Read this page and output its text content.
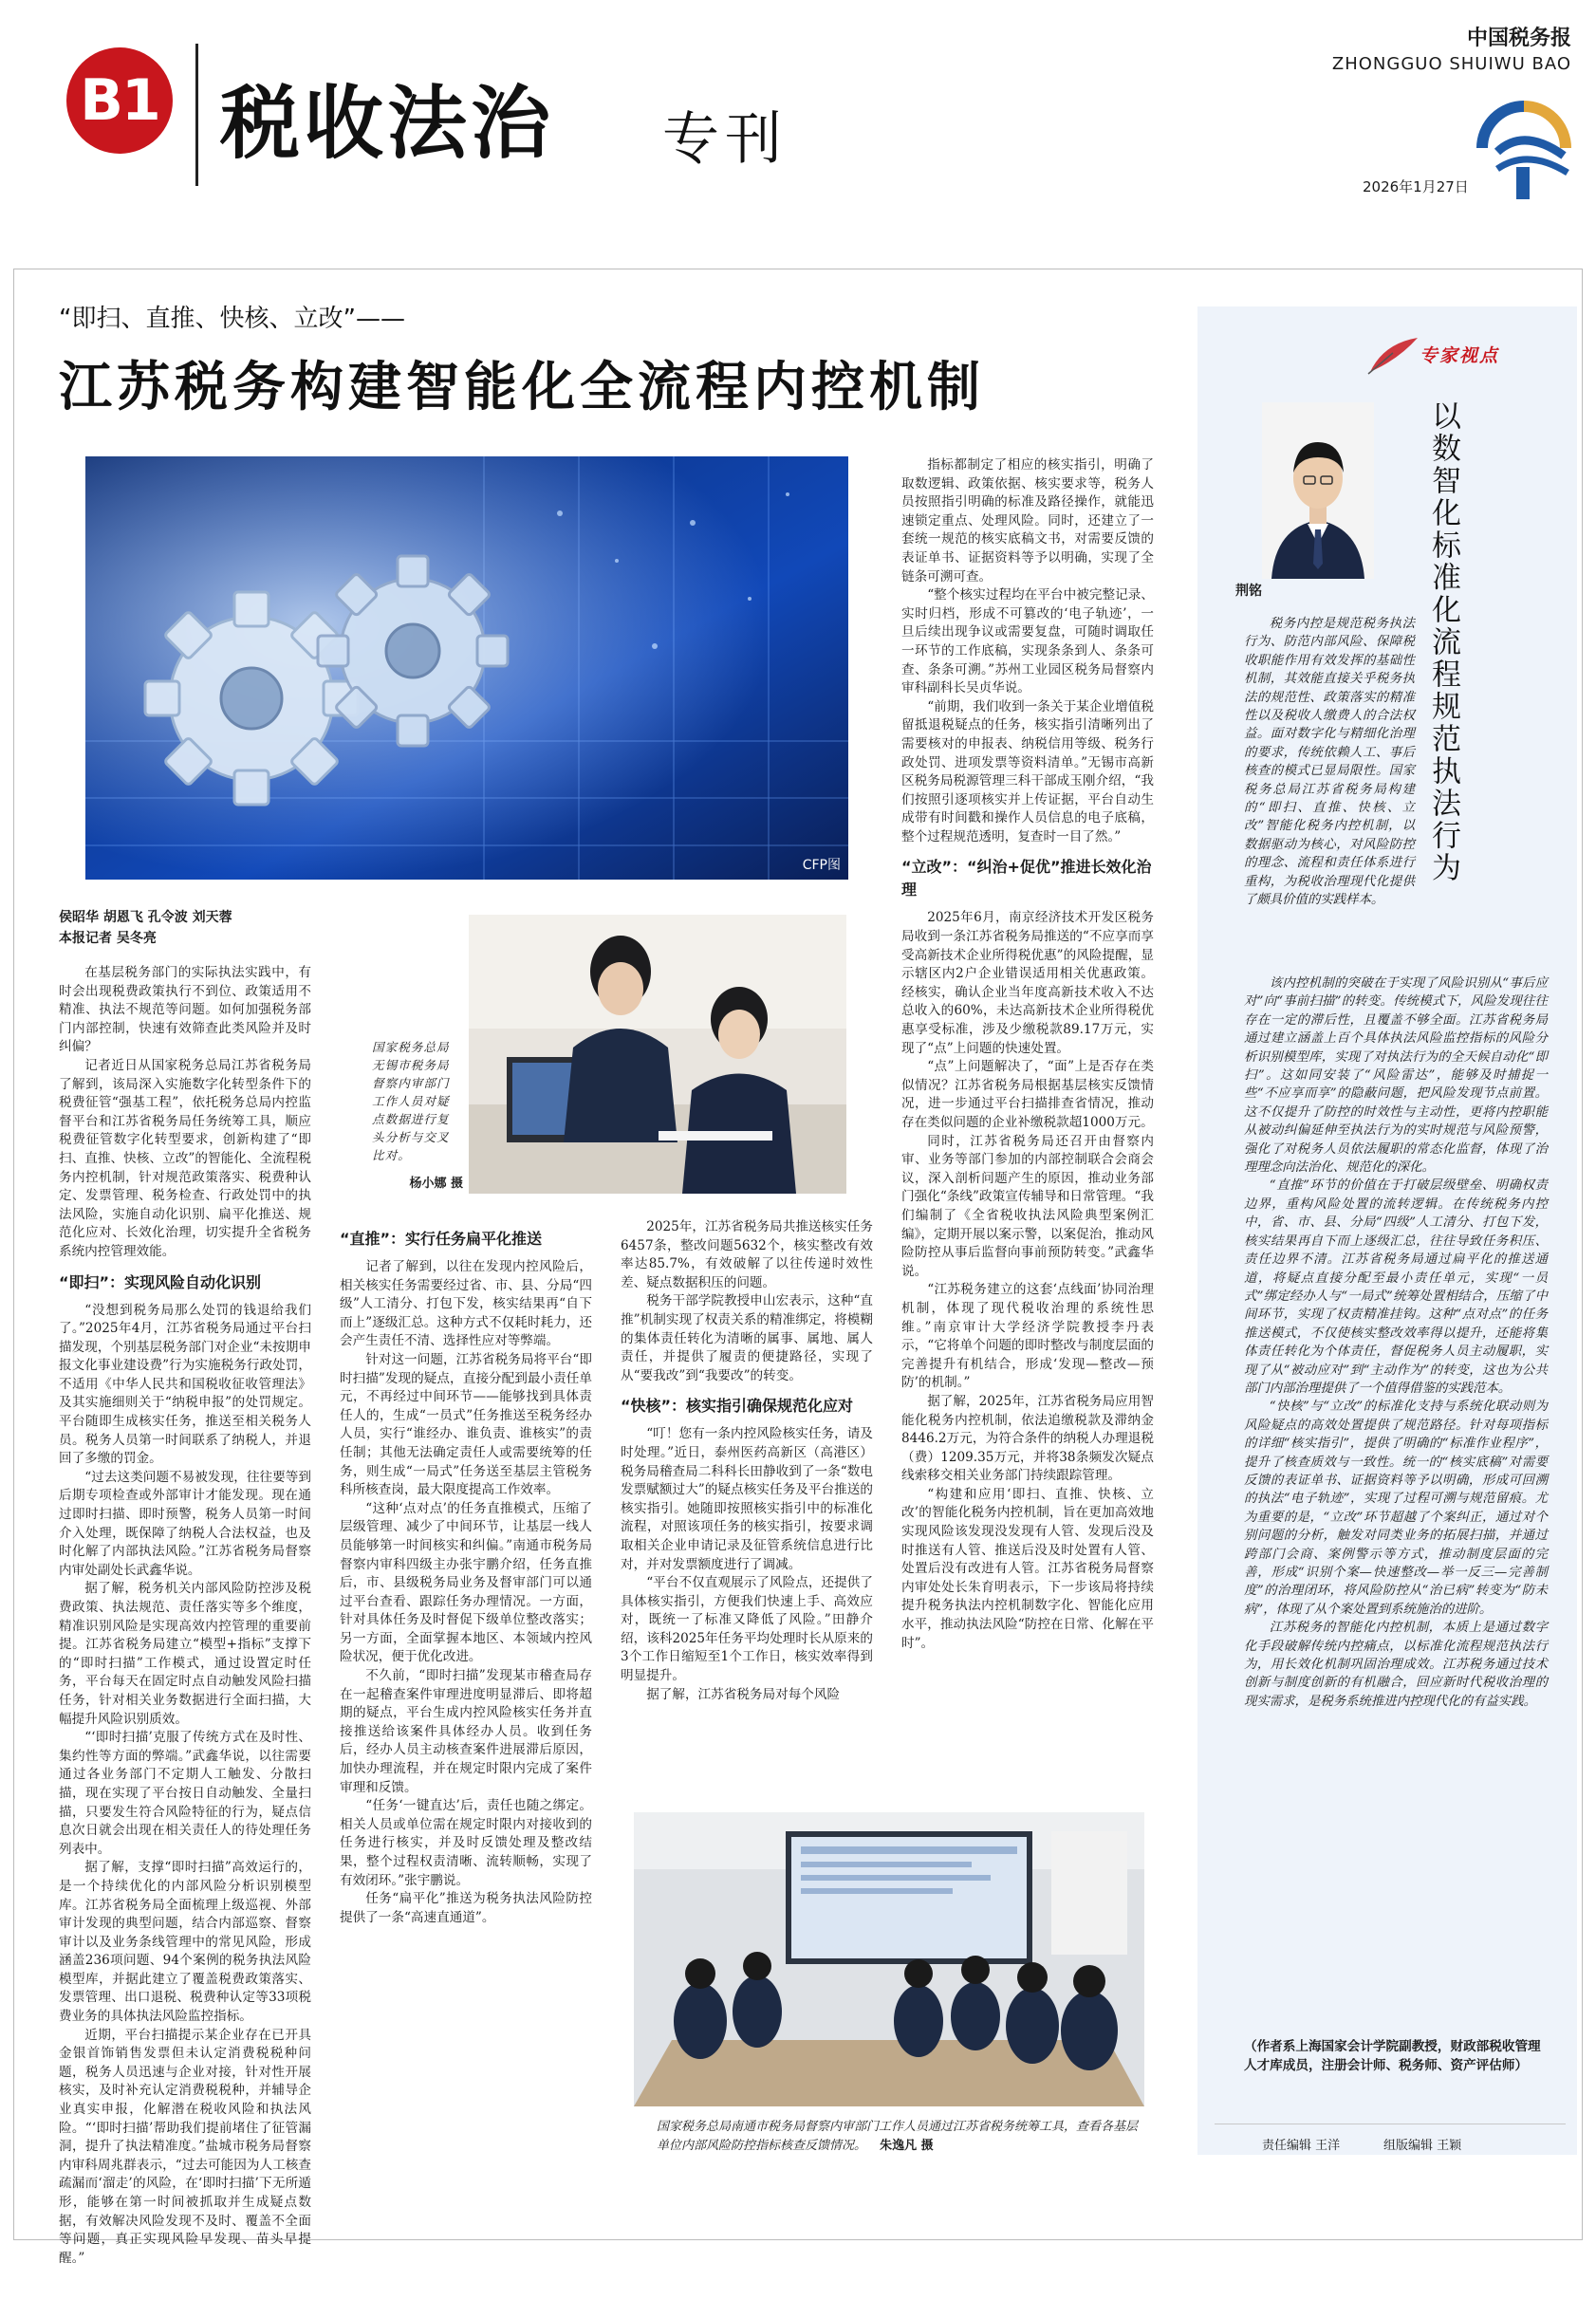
B1 税收法治 专刊
中国税务报
ZHONGGUO SHUIWU BAO
2026年1月27日
“即扫、直推、快核、立改”——
江苏税务构建智能化全流程内控机制
CFP图
侯昭华 胡恩飞 孔令波 刘天蓉
本报记者 吴冬亮
国家税务总局无锡市税务局督察内审部门工作人员对疑点数据进行复头分析与交叉比对。
杨小娜 摄
在基层税务部门的实际执法实践中，有时会出现税费政策执行不到位、政策适用不精准、执法不规范等问题。如何加强税务部门内部控制，快速有效筛查此类风险并及时纠偏？
记者近日从国家税务总局江苏省税务局了解到，该局深入实施数字化转型条件下的税费征管“强基工程”，依托税务总局内控监督平台和江苏省税务局任务统筹工具，顺应税费征管数字化转型要求，创新构建了“即扫、直推、快核、立改”的智能化、全流程税务内控机制，针对规范政策落实、税费种认定、发票管理、税务检查、行政处罚中的执法风险，实施自动化识别、扁平化推送、规范化应对、长效化治理，切实提升全省税务系统内控管理效能。
“即扫”：实现风险自动化识别
“没想到税务局那么处罚的钱退给我们了。”2025年4月，江苏省税务局通过平台扫描发现，个别基层税务部门对企业“未按期申报文化事业建设费”行为实施税务行政处罚，不适用《中华人民共和国税收征收管理法》及其实施细则关于“纳税申报”的处罚规定。平台随即生成核实任务，推送至相关税务人员。税务人员第一时间联系了纳税人，并退回了多缴的罚金。
“过去这类问题不易被发现，往往要等到后期专项检查或外部审计才能发现。现在通过即时扫描、即时预警，税务人员第一时间介入处理，既保障了纳税人合法权益，也及时化解了内部执法风险。”江苏省税务局督察内审处副处长武鑫华说。
据了解，税务机关内部风险防控涉及税费政策、执法规范、责任落实等多个维度，精准识别风险是实现高效内控管理的重要前提。江苏省税务局建立“模型+指标”支撑下的“即时扫描”工作模式，通过设置定时任务，平台每天在固定时点自动触发风险扫描任务，针对相关业务数据进行全面扫描，大幅提升风险识别质效。
“‘即时扫描’克服了传统方式在及时性、集约性等方面的弊端。”武鑫华说，以往需要通过各业务部门不定期人工触发、分散扫描，现在实现了平台按日自动触发、全量扫描，只要发生符合风险特征的行为，疑点信息次日就会出现在相关责任人的待处理任务列表中。
据了解，支撑“即时扫描”高效运行的，是一个持续优化的内部风险分析识别模型库。江苏省税务局全面梳理上级巡视、外部审计发现的典型问题，结合内部巡察、督察审计以及业务条线管理中的常见风险，形成涵盖236项问题、94个案例的税务执法风险模型库，并据此建立了覆盖税费政策落实、发票管理、出口退税、税费种认定等33项税费业务的具体执法风险监控指标。
近期，平台扫描提示某企业存在已开具金银首饰销售发票但未认定消费税税种问题，税务人员迅速与企业对接，针对性开展核实，及时补充认定消费税税种，并辅导企业真实申报，化解潜在税收风险和执法风险。“‘即时扫描’帮助我们提前堵住了征管漏洞，提升了执法精准度。”盐城市税务局督察内审科周兆群表示，“过去可能因为人工核查疏漏而‘溜走’的风险，在‘即时扫描’下无所遁形，能够在第一时间被抓取并生成疑点数据，有效解决风险发现不及时、覆盖不全面等问题，真正实现风险早发现、苗头早提醒。”
“直推”：实行任务扁平化推送
记者了解到，以往在发现内控风险后，相关核实任务需要经过省、市、县、分局“四级”人工清分、打包下发，核实结果再“自下而上”逐级汇总。这种方式不仅耗时耗力，还会产生责任不清、选择性应对等弊端。
针对这一问题，江苏省税务局将平台“即时扫描”发现的疑点，直接分配到最小责任单元，不再经过中间环节——能够找到具体责任人的，生成“一员式”任务推送至税务经办人员，实行“谁经办、谁负责、谁核实”的责任制；其他无法确定责任人或需要统筹的任务，则生成“一局式”任务送至基层主管税务科所核查岗，最大限度提高工作效率。
“这种‘点对点’的任务直推模式，压缩了层级管理、减少了中间环节，让基层一线人员能够第一时间核实和纠偏。”南通市税务局督察内审科四级主办张宇鹏介绍，任务直推后，市、县级税务局业务及督审部门可以通过平台查看、跟踪任务办理情况。一方面，针对具体任务及时督促下级单位整改落实；另一方面，全面掌握本地区、本领域内控风险状况，便于优化改进。
不久前，“即时扫描”发现某市稽查局存在一起稽查案件审理进度明显滞后、即将超期的疑点，平台生成内控风险核实任务并直接推送给该案件具体经办人员。收到任务后，经办人员主动核查案件进展滞后原因，加快办理流程，并在规定时限内完成了案件审理和反馈。
“任务‘一键直达’后，责任也随之绑定。相关人员或单位需在规定时限内对接收到的任务进行核实，并及时反馈处理及整改结果，整个过程权责清晰、流转顺畅，实现了有效闭环。”张宇鹏说。
任务“扁平化”推送为税务执法风险防控提供了一条“高速直通道”。
2025年，江苏省税务局共推送核实任务6457条，整改问题5632个，核实整改有效率达85.7%，有效破解了以往传递时效性差、疑点数据积压的问题。
税务干部学院教授申山宏表示，这种“直推”机制实现了权责关系的精准绑定，将模糊的集体责任转化为清晰的属事、属地、属人责任，并提供了履责的便捷路径，实现了从“要我改”到“我要改”的转变。
“快核”：核实指引确保规范化应对
“叮！您有一条内控风险核实任务，请及时处理。”近日，泰州医药高新区（高港区）税务局稽查局二科科长田静收到了一条“数电发票赋额过大”的疑点核实任务及平台推送的核实指引。她随即按照核实指引中的标准化流程，对照该项任务的核实指引，按要求调取相关企业申请记录及征管系统信息进行比对，并对发票额度进行了调减。
“平台不仅直观展示了风险点，还提供了具体核实指引，方便我们快速上手、高效应对，既统一了标准又降低了风险。”田静介绍，该科2025年任务平均处理时长从原来的3个工作日缩短至1个工作日，核实效率得到明显提升。
据了解，江苏省税务局对每个风险
指标都制定了相应的核实指引，明确了取数逻辑、政策依据、核实要求等，税务人员按照指引明确的标准及路径操作，就能迅速锁定重点、处理风险。同时，还建立了一套统一规范的核实底稿文书，对需要反馈的表证单书、证据资料等予以明确，实现了全链条可溯可查。
“整个核实过程均在平台中被完整记录、实时归档，形成不可篡改的‘电子轨迹’，一旦后续出现争议或需要复盘，可随时调取任一环节的工作底稿，实现条条到人、条条可查、条条可溯。”苏州工业园区税务局督察内审科副科长吴贞华说。
“前期，我们收到一条关于某企业增值税留抵退税疑点的任务，核实指引清晰列出了需要核对的申报表、纳税信用等级、税务行政处罚、进项发票等资料清单。”无锡市高新区税务局税源管理三科干部成玉刚介绍，“我们按照引逐项核实并上传证据，平台自动生成带有时间戳和操作人员信息的电子底稿，整个过程规范透明，复查时一目了然。”
“立改”：“纠治+促优”推进长效化治理
2025年6月，南京经济技术开发区税务局收到一条江苏省税务局推送的“不应享而享受高新技术企业所得税优惠”的风险提醒，显示辖区内2户企业错误适用相关优惠政策。经核实，确认企业当年度高新技术收入不达总收入的60%，未达高新技术企业所得税优惠享受标准，涉及少缴税款89.17万元，实现了“点”上问题的快速处置。
“点”上问题解决了，“面”上是否存在类似情况？江苏省税务局根据基层核实反馈情况，进一步通过平台扫描排查省情况，推动存在类似问题的企业补缴税款超1000万元。
同时，江苏省税务局还召开由督察内审、业务等部门参加的内部控制联合会商会议，深入剖析问题产生的原因，推动业务部门强化“条线”政策宣传辅导和日常管理。“我们编制了《全省税收执法风险典型案例汇编》，定期开展以案示警，以案促治，推动风险防控从事后监督向事前预防转变。”武鑫华说。
“江苏税务建立的这套‘点线面’协同治理机制，体现了现代税收治理的系统性思维。”南京审计大学经济学院教授李丹表示，“它将单个问题的即时整改与制度层面的完善提升有机结合，形成‘发现—整改—预防’的机制。”
据了解，2025年，江苏省税务局应用智能化税务内控机制，依法追缴税款及滞纳金8446.2万元，为符合条件的纳税人办理退税（费）1209.35万元，并将38条频发次疑点线索移交相关业务部门持续跟踪管理。
“构建和应用‘即扫、直推、快核、立改’的智能化税务内控机制，旨在更加高效地实现风险该发现没发现有人管、发现后没及时推送有人管、推送后没及时处置有人管、处置后没有改进有人管。江苏省税务局督察内审处处长朱育明表示，下一步该局将持续提升税务执法内控机制数字化、智能化应用水平，推动执法风险“防控在日常、化解在平时”。
国家税务总局南通市税务局督察内审部门工作人员通过江苏省税务统筹工具，查看各基层单位内部风险防控指标核查反馈情况。 朱逸凡 摄
专家视点
荆铭	以数智化标准化流程规范执法行为

税务内控是规范税务执法行为、防范内部风险、保障税收职能作用有效发挥的基础性机制，其效能直接关乎税务执法的规范性、政策落实的精准性以及税收人缴费人的合法权益。面对数字化与精细化治理的要求，传统依赖人工、事后核查的模式已显局限性。国家税务总局江苏省税务局构建的“即扫、直推、快核、立改”智能化税务内控机制，以数据驱动为核心，对风险防控的理念、流程和责任体系进行重构，为税收治理现代化提供了颇具价值的实践样本。

该内控机制的突破在于实现了风险识别从“事后应对”向“事前扫描”的转变。传统模式下，风险发现往往存在一定的滞后性，且覆盖不够全面。江苏省税务局通过建立涵盖上百个具体执法风险监控指标的风险分析识别模型库，实现了对执法行为的全天候自动化“即扫”。这如同安装了“风险雷达”，能够及时捕捉一些“不应享而享”的隐蔽问题，把风险发现节点前置。这不仅提升了防控的时效性与主动性，更将内控职能从被动纠偏延伸至执法行为的实时规范与风险预警，强化了对税务人员依法履职的常态化监督，体现了治理理念向法治化、规范化的深化。

“直推”环节的价值在于打破层级壁垒、明确权责边界，重构风险处置的流转逻辑。在传统税务内控中，省、市、县、分局“四级”人工清分、打包下发，核实结果再自下而上逐级汇总，往往导致任务积压、责任边界不清。江苏省税务局通过扁平化的推送通道，将疑点直接分配至最小责任单元，实现“一员式”绑定经办人与“一局式”统筹处置相结合，压缩了中间环节，实现了权责精准挂钩。这种“点对点”的任务推送模式，不仅使核实整改效率得以提升，还能将集体责任转化为个体责任，督促税务人员主动履职，实现了从“被动应对”到“主动作为”的转变，这也为公共部门内部治理提供了一个值得借鉴的实践范本。

“快核”与“立改”的标准化支持与系统化联动则为风险疑点的高效处置提供了规范路径。针对每项指标的详细“核实指引”，提供了明确的“标准作业程序”，提升了核查质效与一致性。统一的“核实底稿”对需要反馈的表证单书、证据资料等予以明确，形成可回溯的执法“电子轨迹”，实现了过程可溯与规范留痕。尤为重要的是，“立改”环节超越了个案纠正，通过对个别问题的分析，触发对同类业务的拓展扫描，并通过跨部门会商、案例警示等方式，推动制度层面的完善，形成“识别个案—快速整改—举一反三—完善制度”的治理闭环，将风险防控从“治已病”转变为“防未病”，体现了从个案处置到系统施治的进阶。

江苏税务的智能化内控机制，本质上是通过数字化手段破解传统内控痛点，以标准化流程规范执法行为，用长效化机制巩固治理成效。江苏税务通过技术创新与制度创新的有机融合，回应新时代税收治理的现实需求，是税务系统推进内控现代化的有益实践。

（作者系上海国家会计学院副教授，财政部税收管理人才库成员，注册会计师、税务师、资产评估师）
责任编辑 王洋	组版编辑 王颖
